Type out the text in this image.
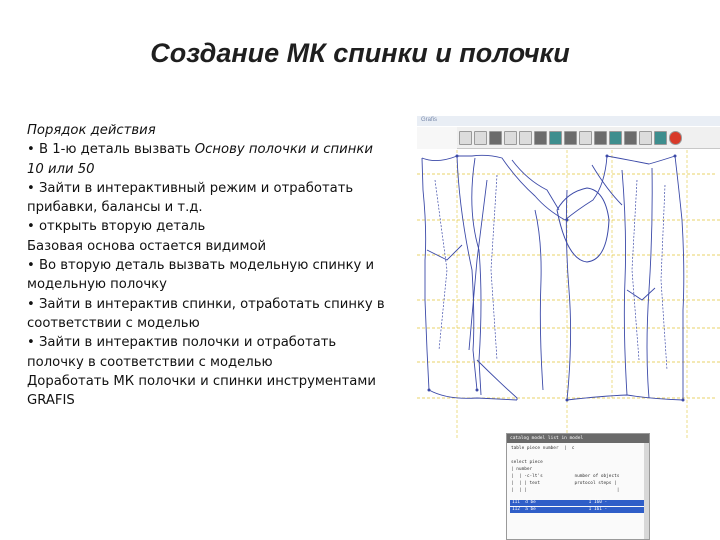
Создание МК спинки и полочки

Порядок действия

• В 1-ю деталь вызвать Основу полочки и спинки

10 или 50

• Зайти в интерактивный режим и отработать

прибавки, балансы и т.д.

• открыть вторую деталь

Базовая основа остается видимой

• Во вторую деталь вызвать модельную спинку и

модельную полочку

• Зайти в интерактив спинки, отработать спинку в

соответствии с моделью

• Зайти в интерактив полочки и отработать

полочку в соответствии с моделью

Доработать МК полочки и спинки инструментами

GRAFIS

Grafis
catalog model list in model
table piece number  |  c
select piece
| number
|  | -c-lt's            number of objects
|  | | text             protocol steps |
|  | |                                  |
111  d be                    1 160 -
112  a be                    1 161 -
